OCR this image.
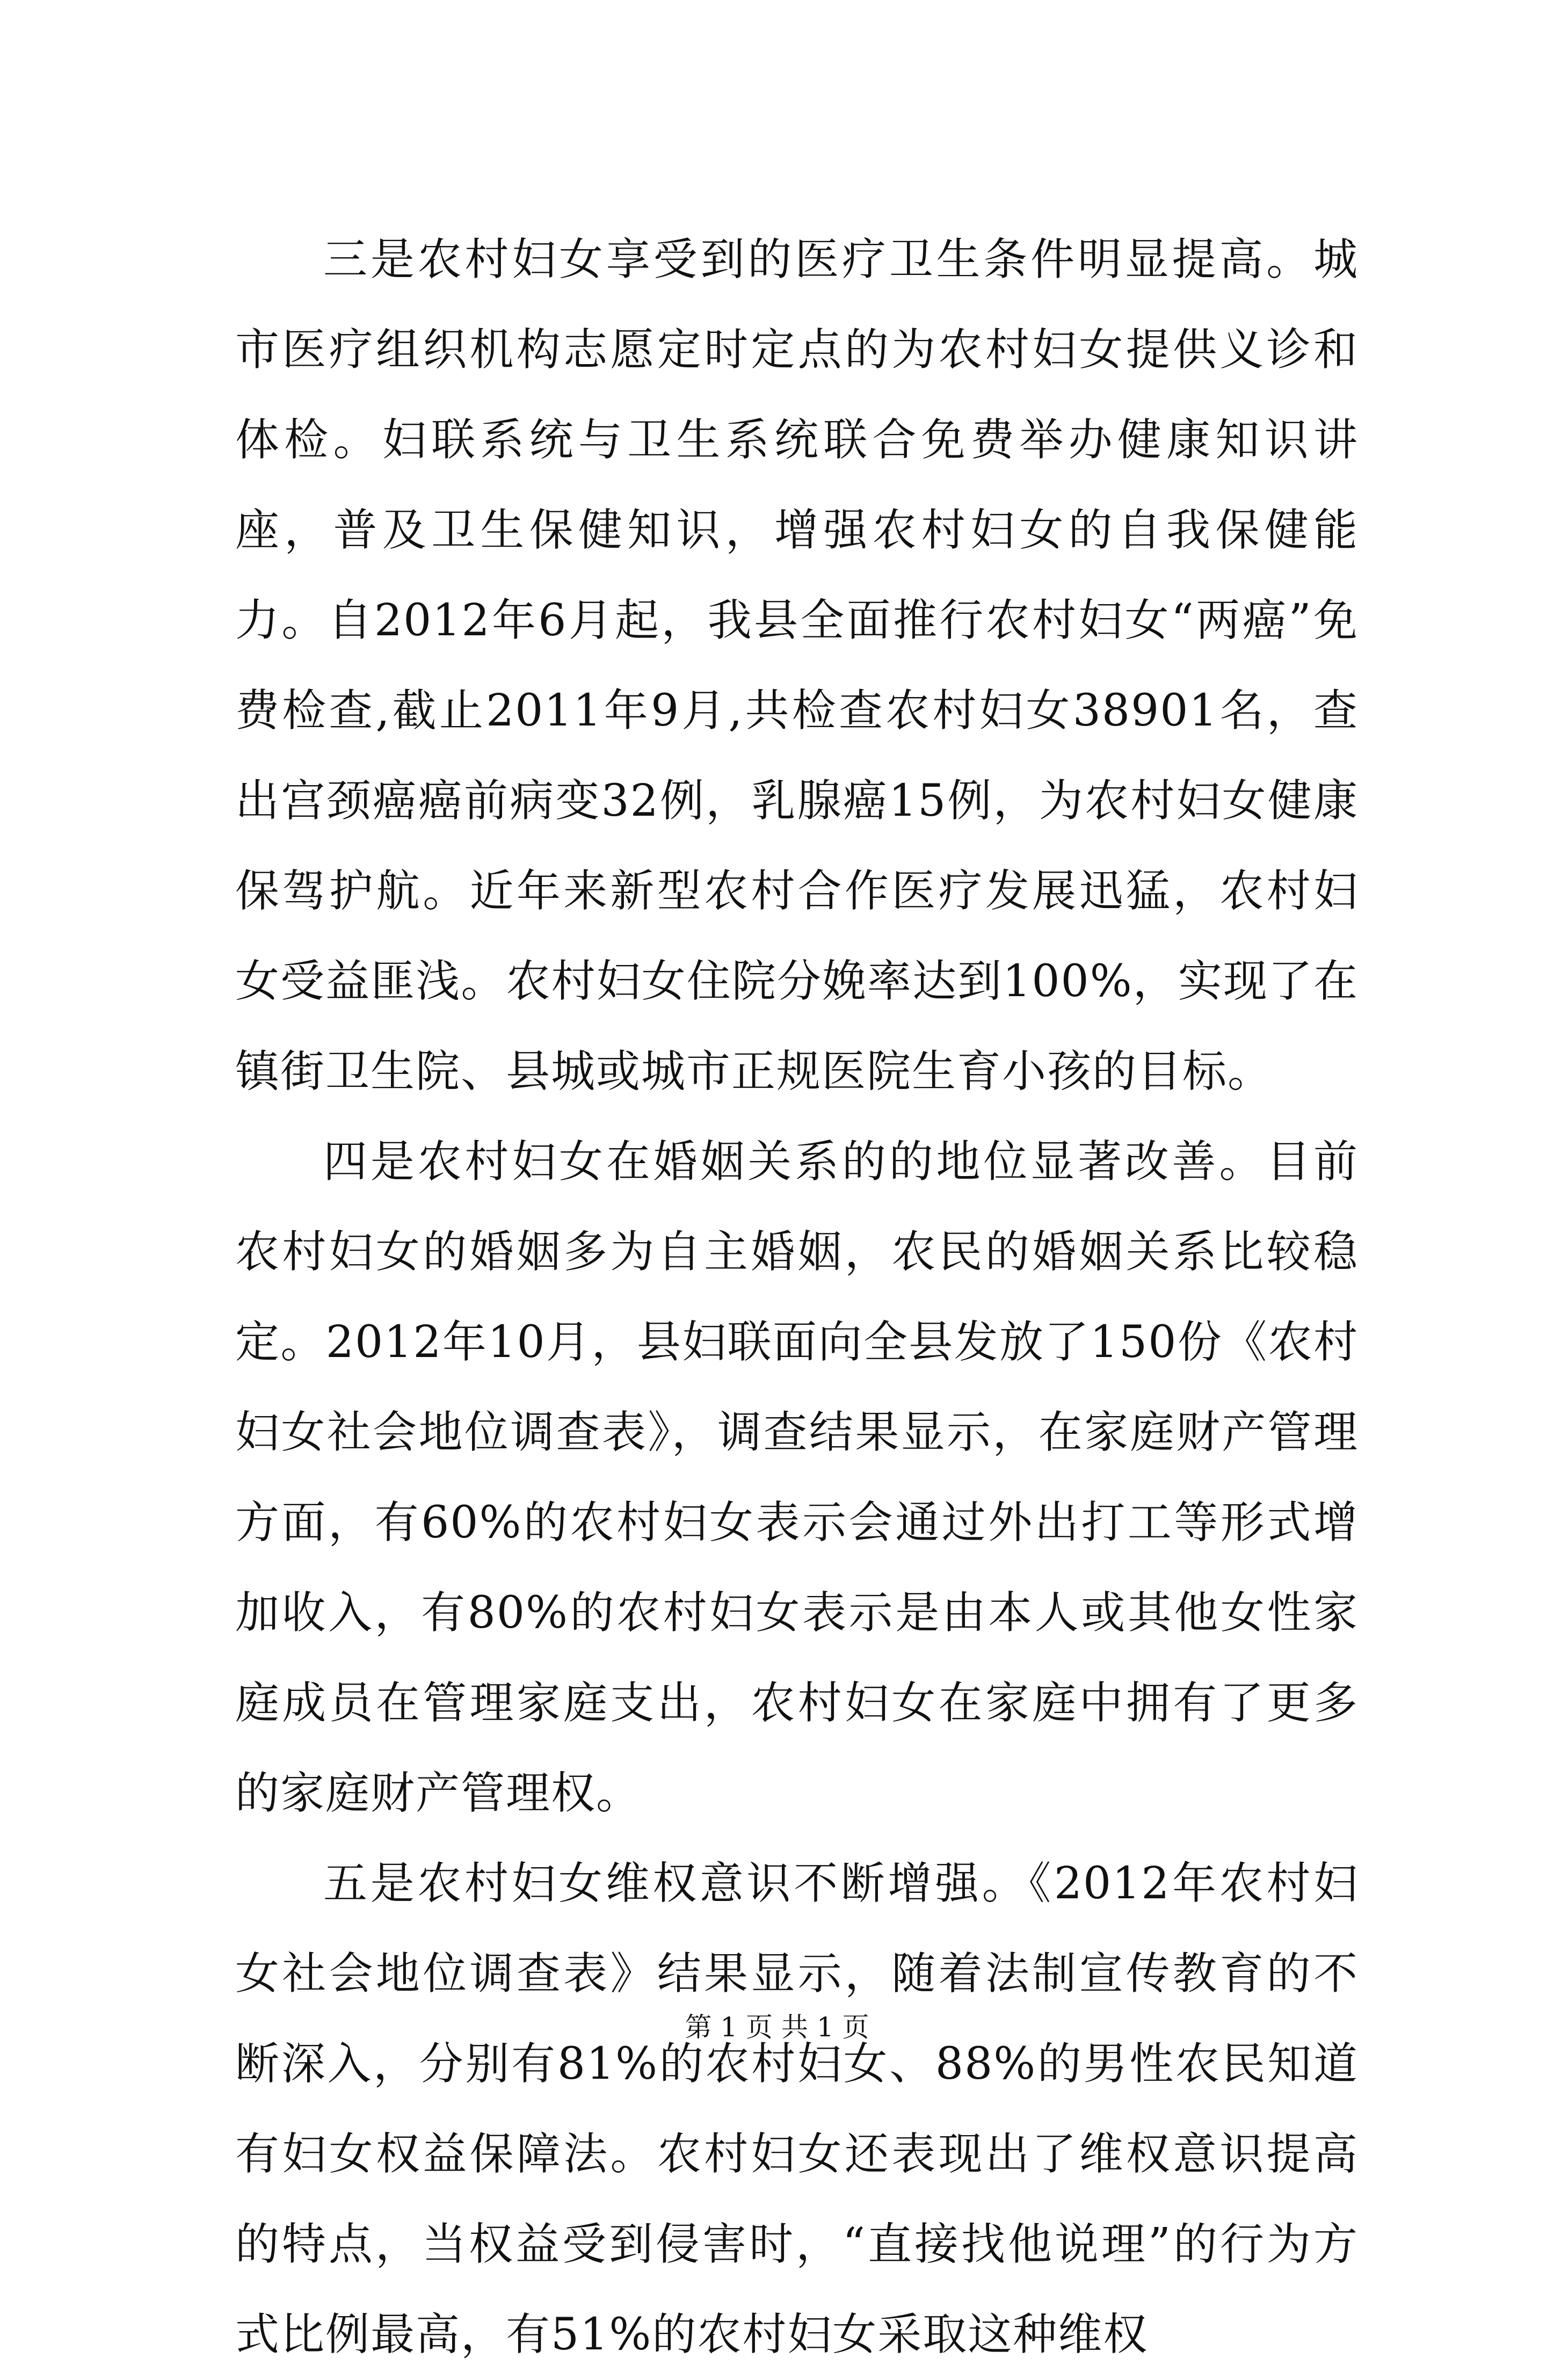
三是农村妇女享受到的医疗卫生条件明显提高。城市医疗组织机构志愿定时定点的为农村妇女提供义诊和体检。妇联系统与卫生系统联合免费举办健康知识讲座，普及卫生保健知识，增强农村妇女的自我保健能力。自2012年6月起，我县全面推行农村妇女“两癌”免费检查,截止2011年9月,共检查农村妇女38901名，查出宫颈癌癌前病变32例，乳腺癌15例，为农村妇女健康保驾护航。近年来新型农村合作医疗发展迅猛，农村妇女受益匪浅。农村妇女住院分娩率达到100%，实现了在镇街卫生院、县城或城市正规医院生育小孩的目标。

四是农村妇女在婚姻关系的的地位显著改善。目前农村妇女的婚姻多为自主婚姻，农民的婚姻关系比较稳定。2012年10月，县妇联面向全县发放了150份《农村妇女社会地位调查表》，调查结果显示，在家庭财产管理方面，有60%的农村妇女表示会通过外出打工等形式增加收入，有80%的农村妇女表示是由本人或其他女性家庭成员在管理家庭支出，农村妇女在家庭中拥有了更多的家庭财产管理权。

五是农村妇女维权意识不断增强。《2012年农村妇女社会地位调查表》结果显示，随着法制宣传教育的不断深入，分别有81%的农村妇女、88%的男性农民知道有妇女权益保障法。农村妇女还表现出了维权意识提高的特点，当权益受到侵害时，“直接找他说理”的行为方式比例最高，有51%的农村妇女采取这种维权

第 1 页 共 1 页
